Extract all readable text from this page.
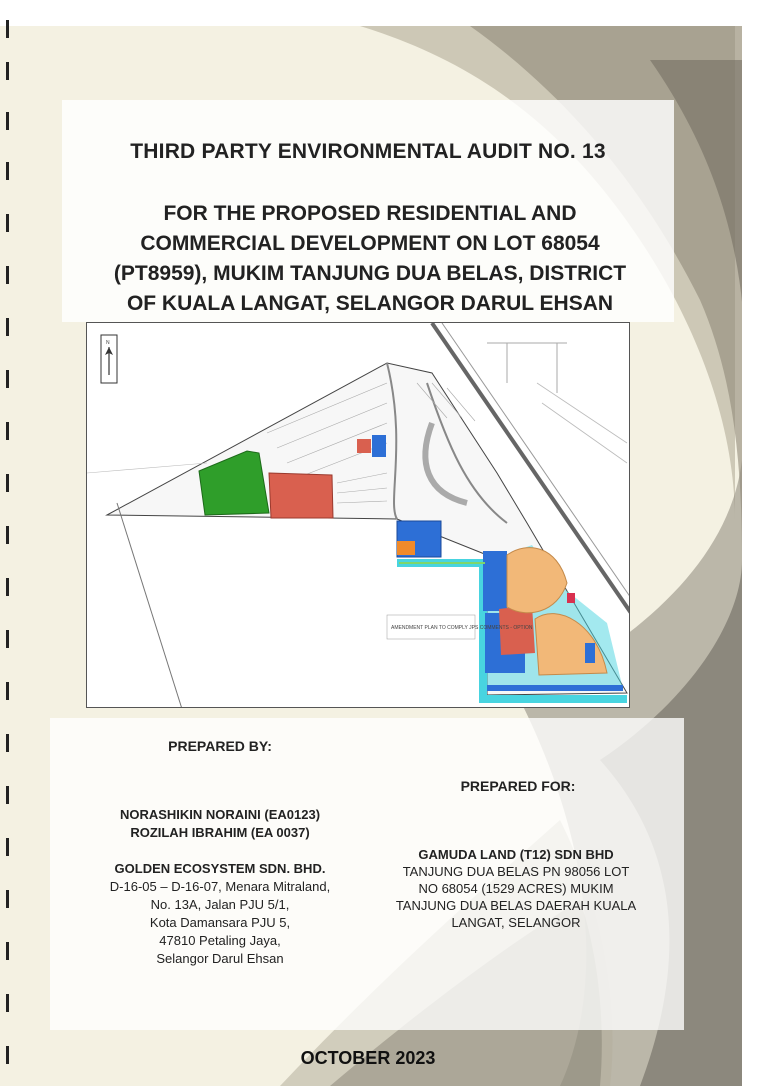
THIRD PARTY ENVIRONMENTAL AUDIT NO. 13
FOR THE PROPOSED RESIDENTIAL AND
COMMERCIAL DEVELOPMENT ON LOT 68054
(PT8959), MUKIM TANJUNG DUA BELAS, DISTRICT
OF KUALA LANGAT, SELANGOR DARUL EHSAN
N
AMENDMENT PLAN TO COMPLY JPS COMMENTS - OPTION
PREPARED BY:
NORASHIKIN NORAINI (EA0123)
ROZILAH IBRAHIM (EA 0037)
GOLDEN ECOSYSTEM SDN. BHD.
D-16-05 – D-16-07, Menara Mitraland,
No. 13A, Jalan PJU 5/1,
Kota Damansara PJU 5,
47810 Petaling Jaya,
Selangor Darul Ehsan
PREPARED FOR:
GAMUDA LAND (T12) SDN BHD
TANJUNG DUA BELAS PN 98056 LOT
NO 68054 (1529 ACRES) MUKIM
TANJUNG DUA BELAS DAERAH KUALA
LANGAT, SELANGOR
OCTOBER 2023
